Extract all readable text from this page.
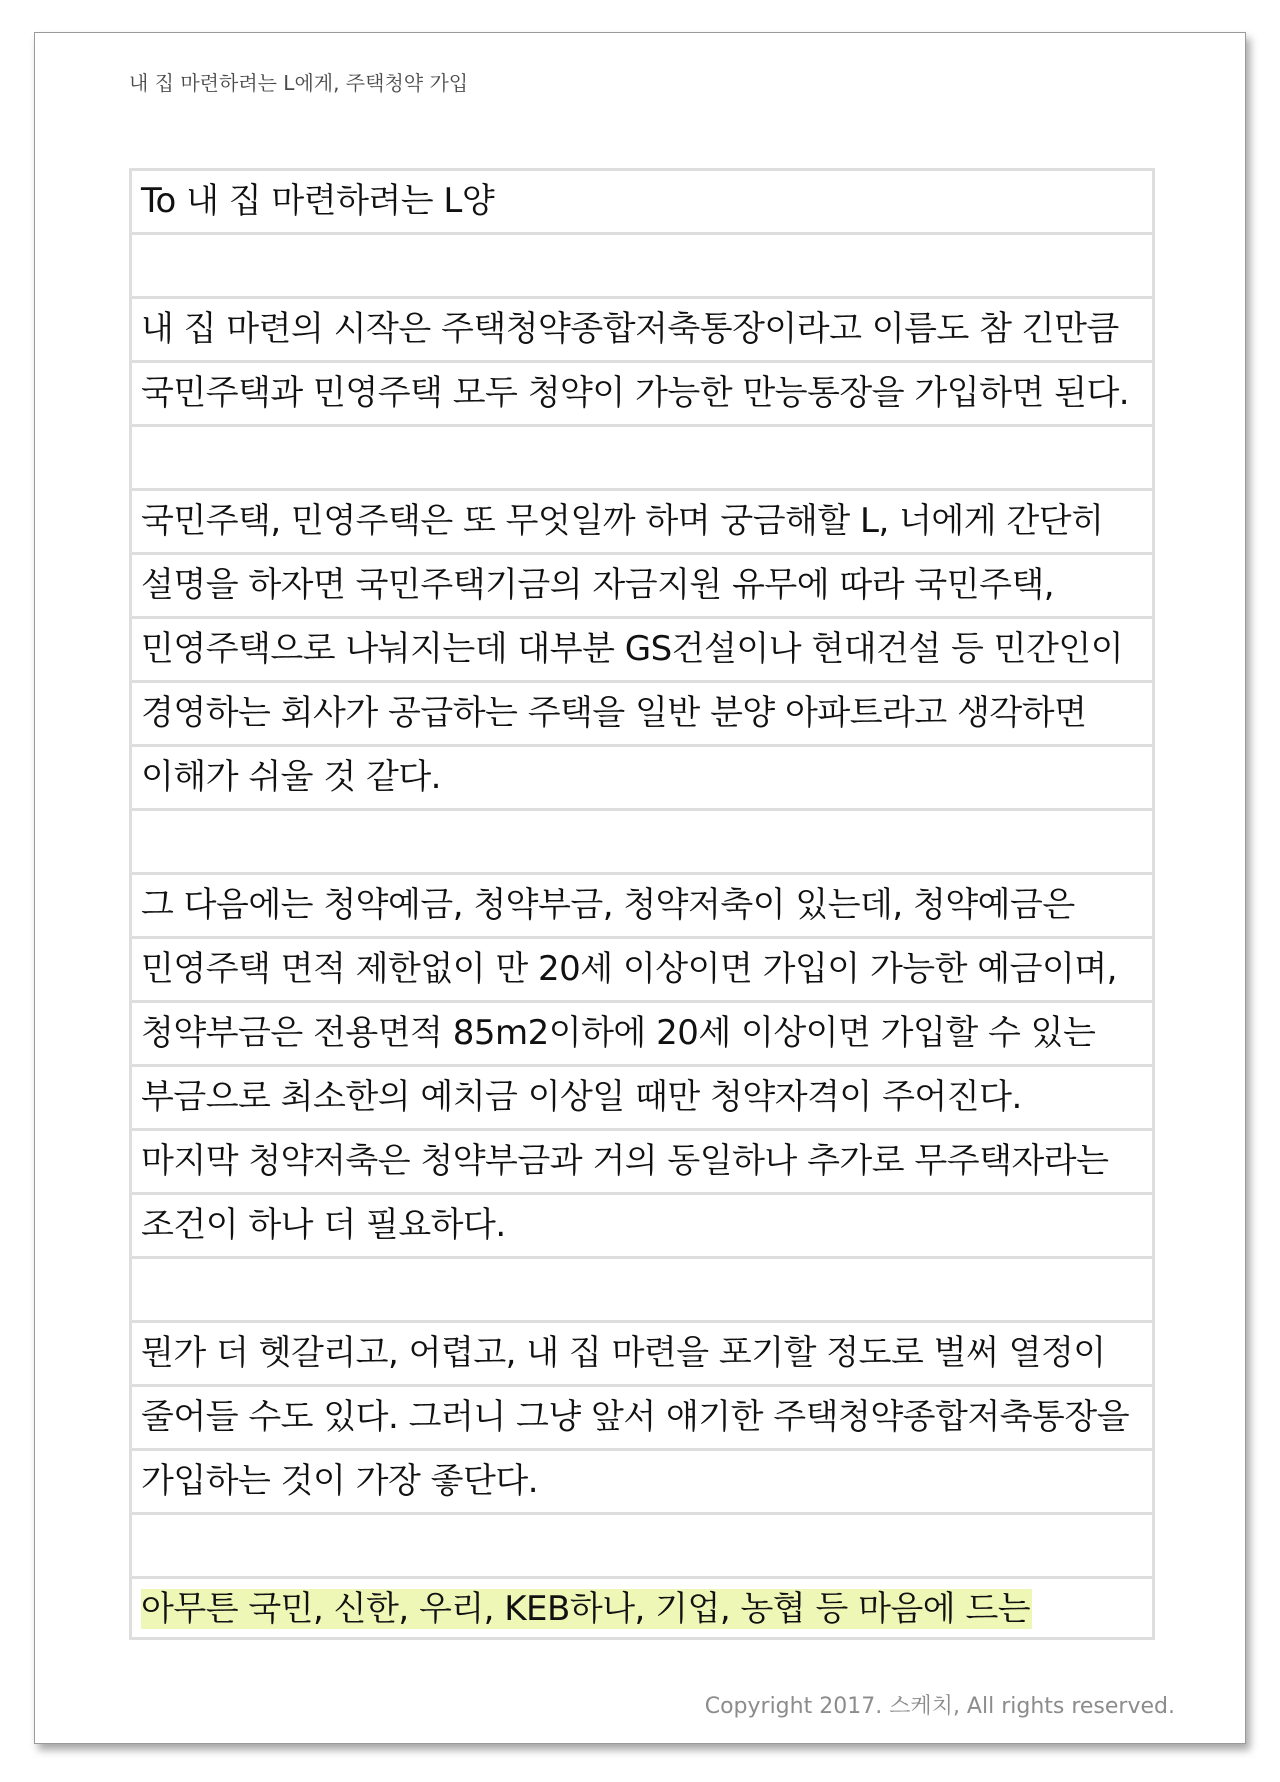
내 집 마련하려는 L에게, 주택청약 가입
To 내 집 마련하려는 L양
내 집 마련의 시작은 주택청약종합저축통장이라고 이름도 참 긴만큼
국민주택과 민영주택 모두 청약이 가능한 만능통장을 가입하면 된다.
국민주택, 민영주택은 또 무엇일까 하며 궁금해할 L, 너에게 간단히
설명을 하자면 국민주택기금의 자금지원 유무에 따라 국민주택,
민영주택으로 나눠지는데 대부분 GS건설이나 현대건설 등 민간인이
경영하는 회사가 공급하는 주택을 일반 분양 아파트라고 생각하면
이해가 쉬울 것 같다.
그 다음에는 청약예금, 청약부금, 청약저축이 있는데, 청약예금은
민영주택 면적 제한없이 만 20세 이상이면 가입이 가능한 예금이며,
청약부금은 전용면적 85m2이하에 20세 이상이면 가입할 수 있는
부금으로 최소한의 예치금 이상일 때만 청약자격이 주어진다.
마지막 청약저축은 청약부금과 거의 동일하나 추가로 무주택자라는
조건이 하나 더 필요하다.
뭔가 더 헷갈리고, 어렵고, 내 집 마련을 포기할 정도로 벌써 열정이
줄어들 수도 있다. 그러니 그냥 앞서 얘기한 주택청약종합저축통장을
가입하는 것이 가장 좋단다.
아무튼 국민, 신한, 우리, KEB하나, 기업, 농협 등 마음에 드는
Copyright 2017. 스케치, All rights reserved.
